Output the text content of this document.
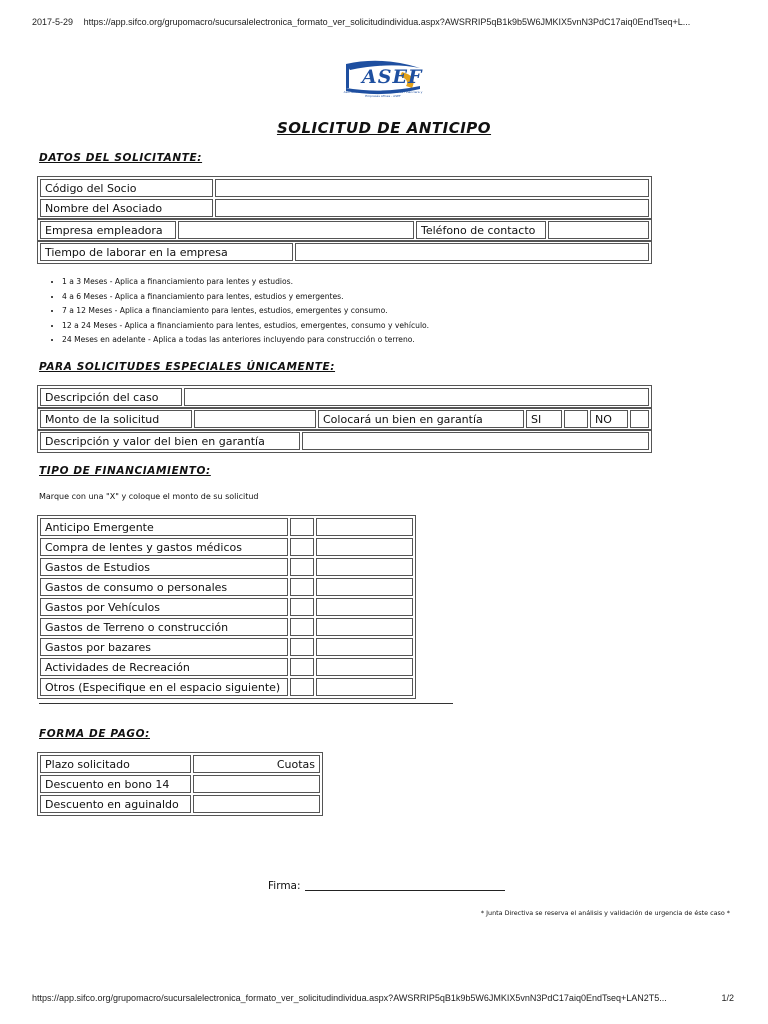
2017-5-29 https://app.sifco.org/grupomacro/sucursalelectronica_formato_ver_solicitudindividua.aspx?AWSRRIP5qB1k9b5W6JMKIX5vnN3PdC17aiq0EndTseq+L...
ASEF
Asociación Solidarista de Empleados de Financiera y Empresas Afines - ASEF
SOLICITUD DE ANTICIPO
DATOS DEL SOLICITANTE:
Código del Socio	
Nombre del Asociado	
Empresa empleadora		Teléfono de contacto	
Tiempo de laborar en la empresa	
• 1 a 3 Meses - Aplica a financiamiento para lentes y estudios.
• 4 a 6 Meses - Aplica a financiamiento para lentes, estudios y emergentes.
• 7 a 12 Meses - Aplica a financiamiento para lentes, estudios, emergentes y consumo.
• 12 a 24 Meses - Aplica a financiamiento para lentes, estudios, emergentes, consumo y vehículo.
• 24 Meses en adelante - Aplica a todas las anteriores incluyendo para construcción o terreno.
PARA SOLICITUDES ESPECIALES ÚNICAMENTE:
Descripción del caso	
Monto de la solicitud		Colocará un bien en garantía	SI		NO	
Descripción y valor del bien en garantía	
TIPO DE FINANCIAMIENTO:
Marque con una "X" y coloque el monto de su solicitud
Anticipo Emergente		
Compra de lentes y gastos médicos		
Gastos de Estudios		
Gastos de consumo o personales		
Gastos por Vehículos		
Gastos de Terreno o construcción		
Gastos por bazares		
Actividades de Recreación		
Otros (Especifique en el espacio siguiente)		
FORMA DE PAGO:
Plazo solicitado	Cuotas
Descuento en bono 14	
Descuento en aguinaldo	
Firma:
* Junta Directiva se reserva el análisis y validación de urgencia de éste caso *
https://app.sifco.org/grupomacro/sucursalelectronica_formato_ver_solicitudindividua.aspx?AWSRRIP5qB1k9b5W6JMKIX5vnN3PdC17aiq0EndTseq+LAN2T5...	1/2
